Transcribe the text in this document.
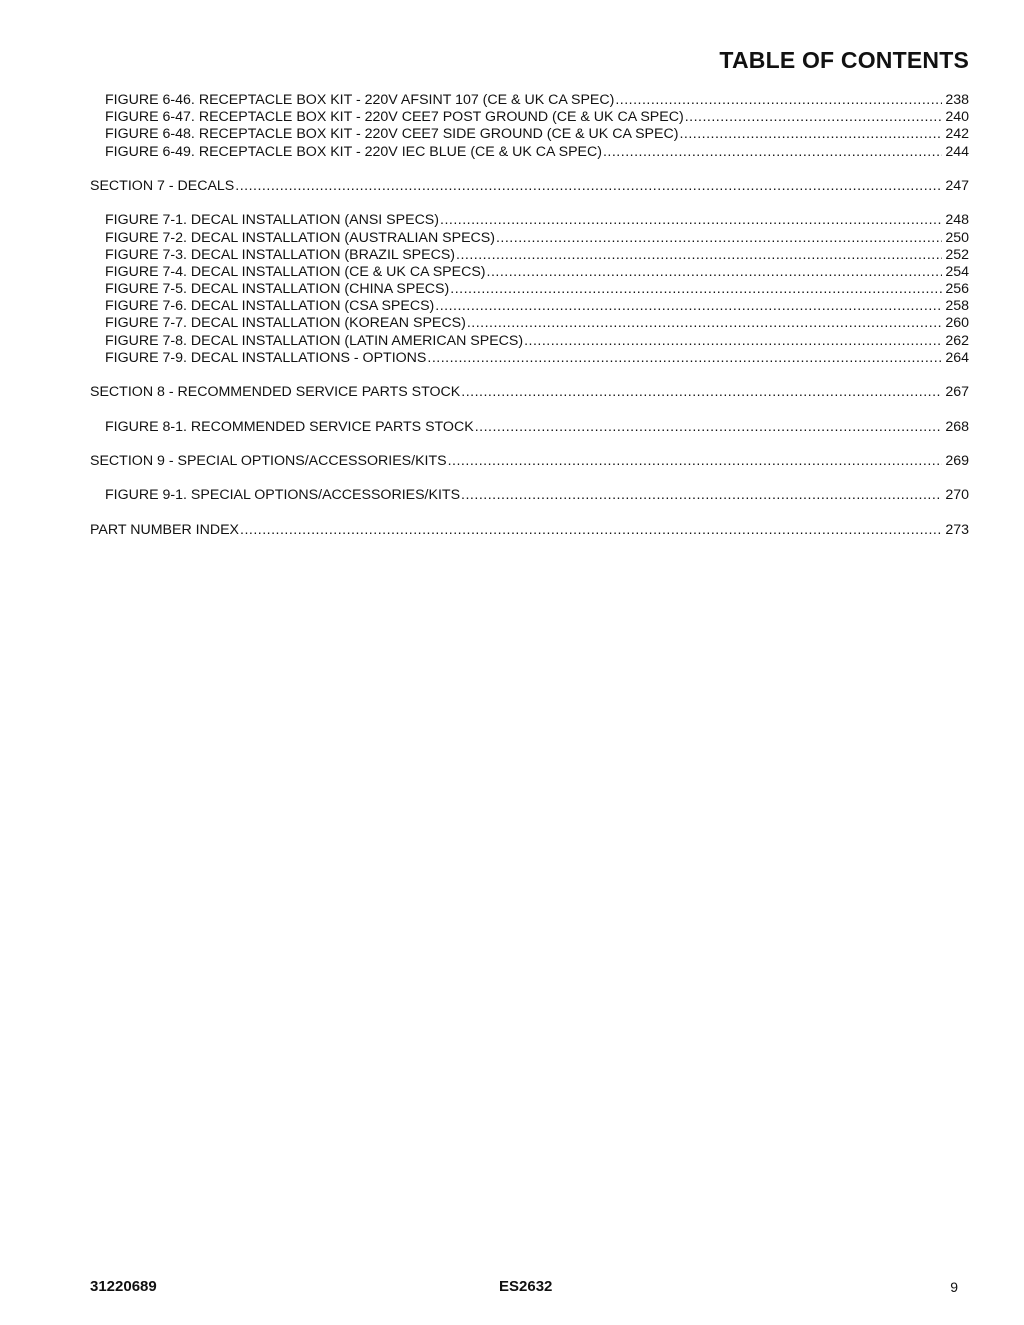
TABLE OF CONTENTS
FIGURE 6-46. RECEPTACLE BOX KIT - 220V AFSINT 107 (CE & UK CA SPEC) .....	238
FIGURE 6-47. RECEPTACLE BOX KIT - 220V CEE7 POST GROUND (CE & UK CA SPEC) .....	240
FIGURE 6-48. RECEPTACLE BOX KIT - 220V CEE7 SIDE GROUND (CE & UK CA SPEC) .....	242
FIGURE 6-49. RECEPTACLE BOX KIT - 220V IEC BLUE (CE & UK CA SPEC) .....	244
SECTION 7 - DECALS .....	247
FIGURE 7-1. DECAL INSTALLATION (ANSI SPECS) .....	248
FIGURE 7-2. DECAL INSTALLATION (AUSTRALIAN SPECS) .....	250
FIGURE 7-3. DECAL INSTALLATION (BRAZIL SPECS) .....	252
FIGURE 7-4. DECAL INSTALLATION (CE & UK CA SPECS) .....	254
FIGURE 7-5. DECAL INSTALLATION (CHINA SPECS) .....	256
FIGURE 7-6. DECAL INSTALLATION (CSA SPECS) .....	258
FIGURE 7-7. DECAL INSTALLATION (KOREAN SPECS) .....	260
FIGURE 7-8. DECAL INSTALLATION (LATIN AMERICAN SPECS) .....	262
FIGURE 7-9. DECAL INSTALLATIONS - OPTIONS .....	264
SECTION 8 - RECOMMENDED SERVICE PARTS STOCK .....	267
FIGURE 8-1. RECOMMENDED SERVICE PARTS STOCK .....	268
SECTION 9 - SPECIAL OPTIONS/ACCESSORIES/KITS .....	269
FIGURE 9-1. SPECIAL OPTIONS/ACCESSORIES/KITS .....	270
PART NUMBER INDEX .....	273
31220689	ES2632	9
